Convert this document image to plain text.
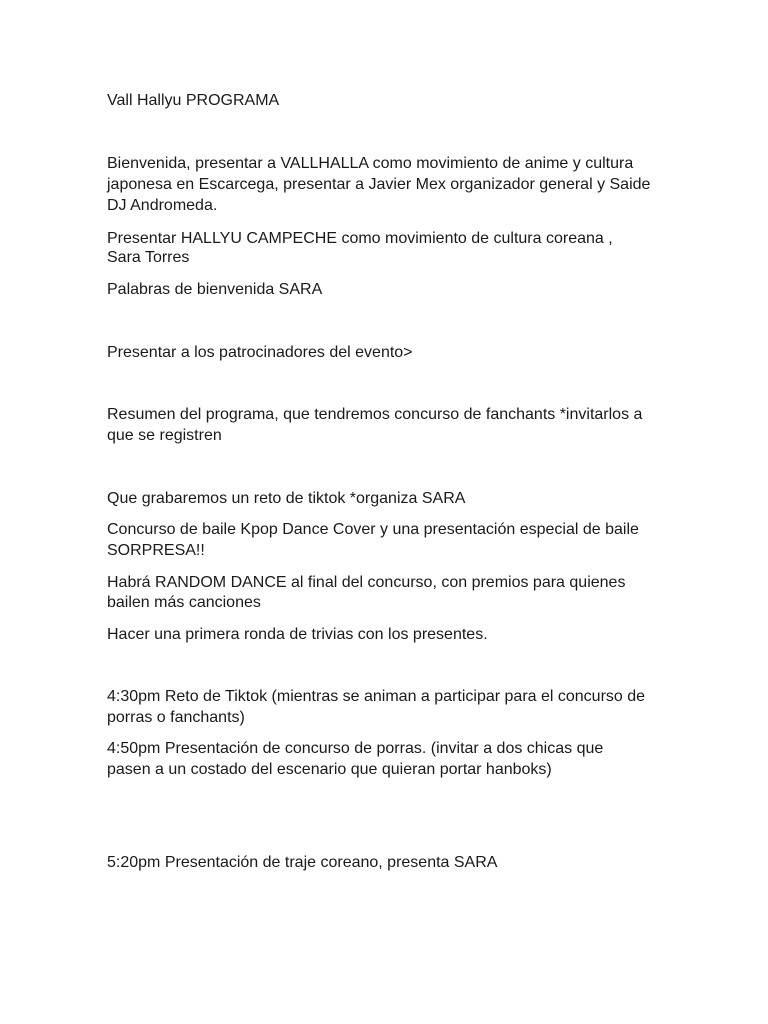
Vall Hallyu PROGRAMA

Bienvenida, presentar a VALLHALLA como movimiento de anime y cultura

japonesa en Escarcega, presentar a Javier Mex organizador general y Saide

DJ Andromeda.

Presentar HALLYU CAMPECHE como movimiento de cultura coreana ,

Sara Torres

Palabras de bienvenida SARA

Presentar a los patrocinadores del evento>

Resumen del programa, que tendremos concurso de fanchants *invitarlos a

que se registren

Que grabaremos un reto de tiktok *organiza SARA

Concurso de baile Kpop Dance Cover y una presentación especial de baile

SORPRESA!!

Habrá RANDOM DANCE al final del concurso, con premios para quienes

bailen más canciones

Hacer una primera ronda de trivias con los presentes.

4:30pm Reto de Tiktok (mientras se animan a participar para el concurso de

porras o fanchants)

4:50pm Presentación de concurso de porras. (invitar a dos chicas que

pasen a un costado del escenario que quieran portar hanboks)

5:20pm Presentación de traje coreano, presenta SARA
